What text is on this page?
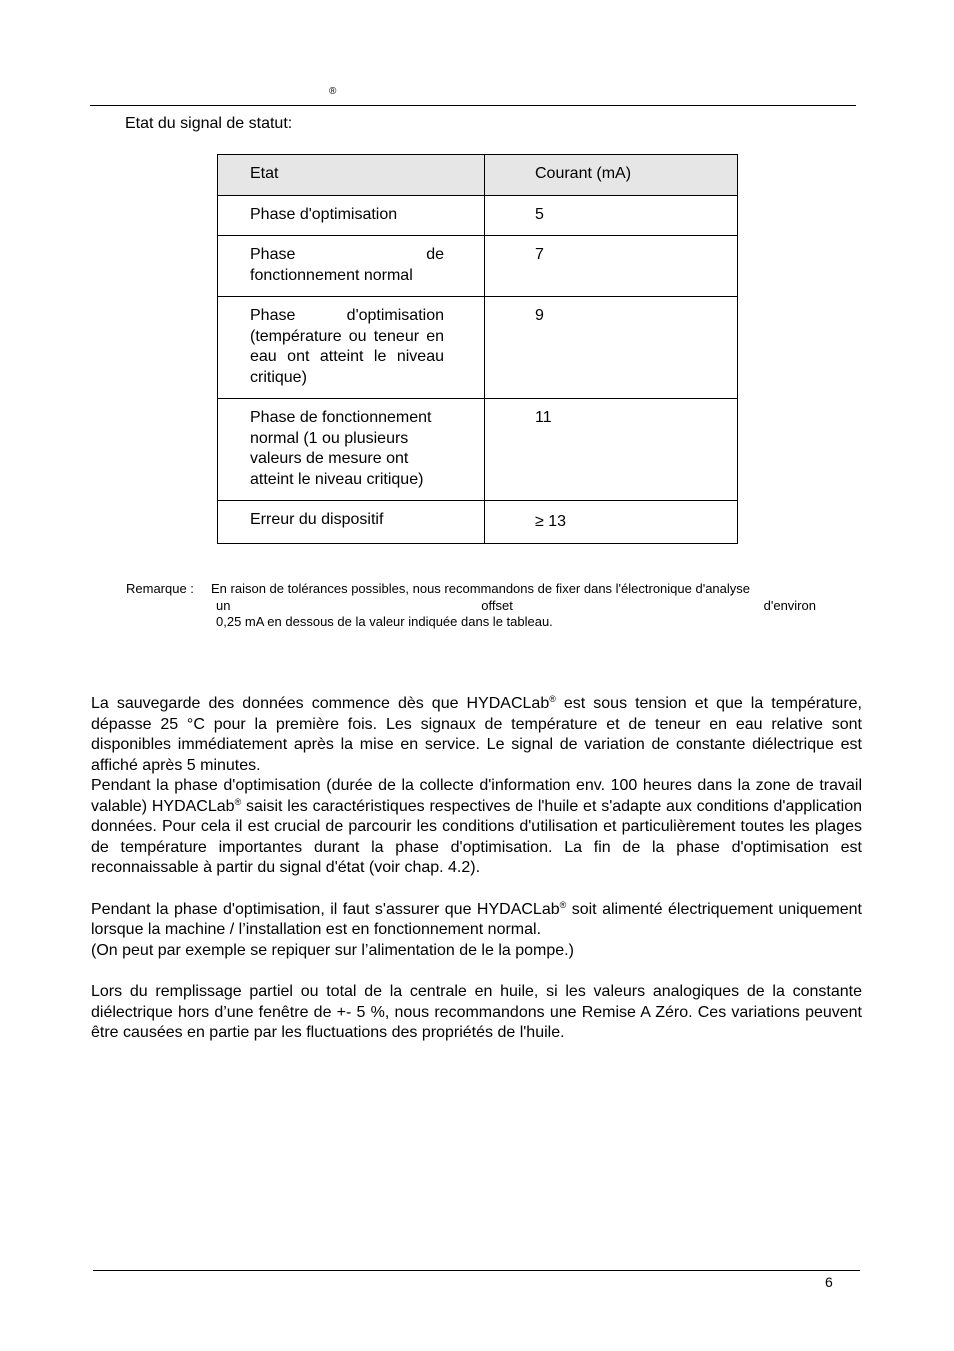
®
Etat du signal de statut:
Etat	Courant (mA)

Phase d'optimisation	5

Phase de
fonctionnement normal	7

Phase d'optimisation (température ou teneur en eau ont atteint le niveau critique)	9

Phase de fonctionnement normal (1 ou plusieurs valeurs de mesure ont atteint le niveau critique)	11

Erreur du dispositif	≥ 13
Remarque : En raison de tolérances possibles, nous recommandons de fixer dans l'électronique d'analyse
un	offset	d'environ
0,25 mA en dessous de la valeur indiquée dans le tableau.

La sauvegarde des données commence dès que HYDACLab® est sous tension et que la température, dépasse 25 °C pour la première fois. Les signaux de température et de teneur en eau relative sont disponibles immédiatement après la mise en service. Le signal de variation de constante diélectrique est affiché après 5 minutes.

Pendant la phase d'optimisation (durée de la collecte d'information env. 100 heures dans la zone de travail valable) HYDACLab® saisit les caractéristiques respectives de l'huile et s'adapte aux conditions d'application données. Pour cela il est crucial de parcourir les conditions d'utilisation et particulièrement toutes les plages de température importantes durant la phase d'optimisation. La fin de la phase d'optimisation est reconnaissable à partir du signal d'état (voir chap. 4.2).

Pendant la phase d'optimisation, il faut s'assurer que HYDACLab® soit alimenté électriquement uniquement lorsque la machine / l’installation est en fonctionnement normal.

(On peut par exemple se repiquer sur l’alimentation de le la pompe.)

Lors du remplissage partiel ou total de la centrale en huile, si les valeurs analogiques de la constante diélectrique hors d’une fenêtre de +- 5 %, nous recommandons une Remise A Zéro. Ces variations peuvent être causées en partie par les fluctuations des propriétés de l'huile.

6
